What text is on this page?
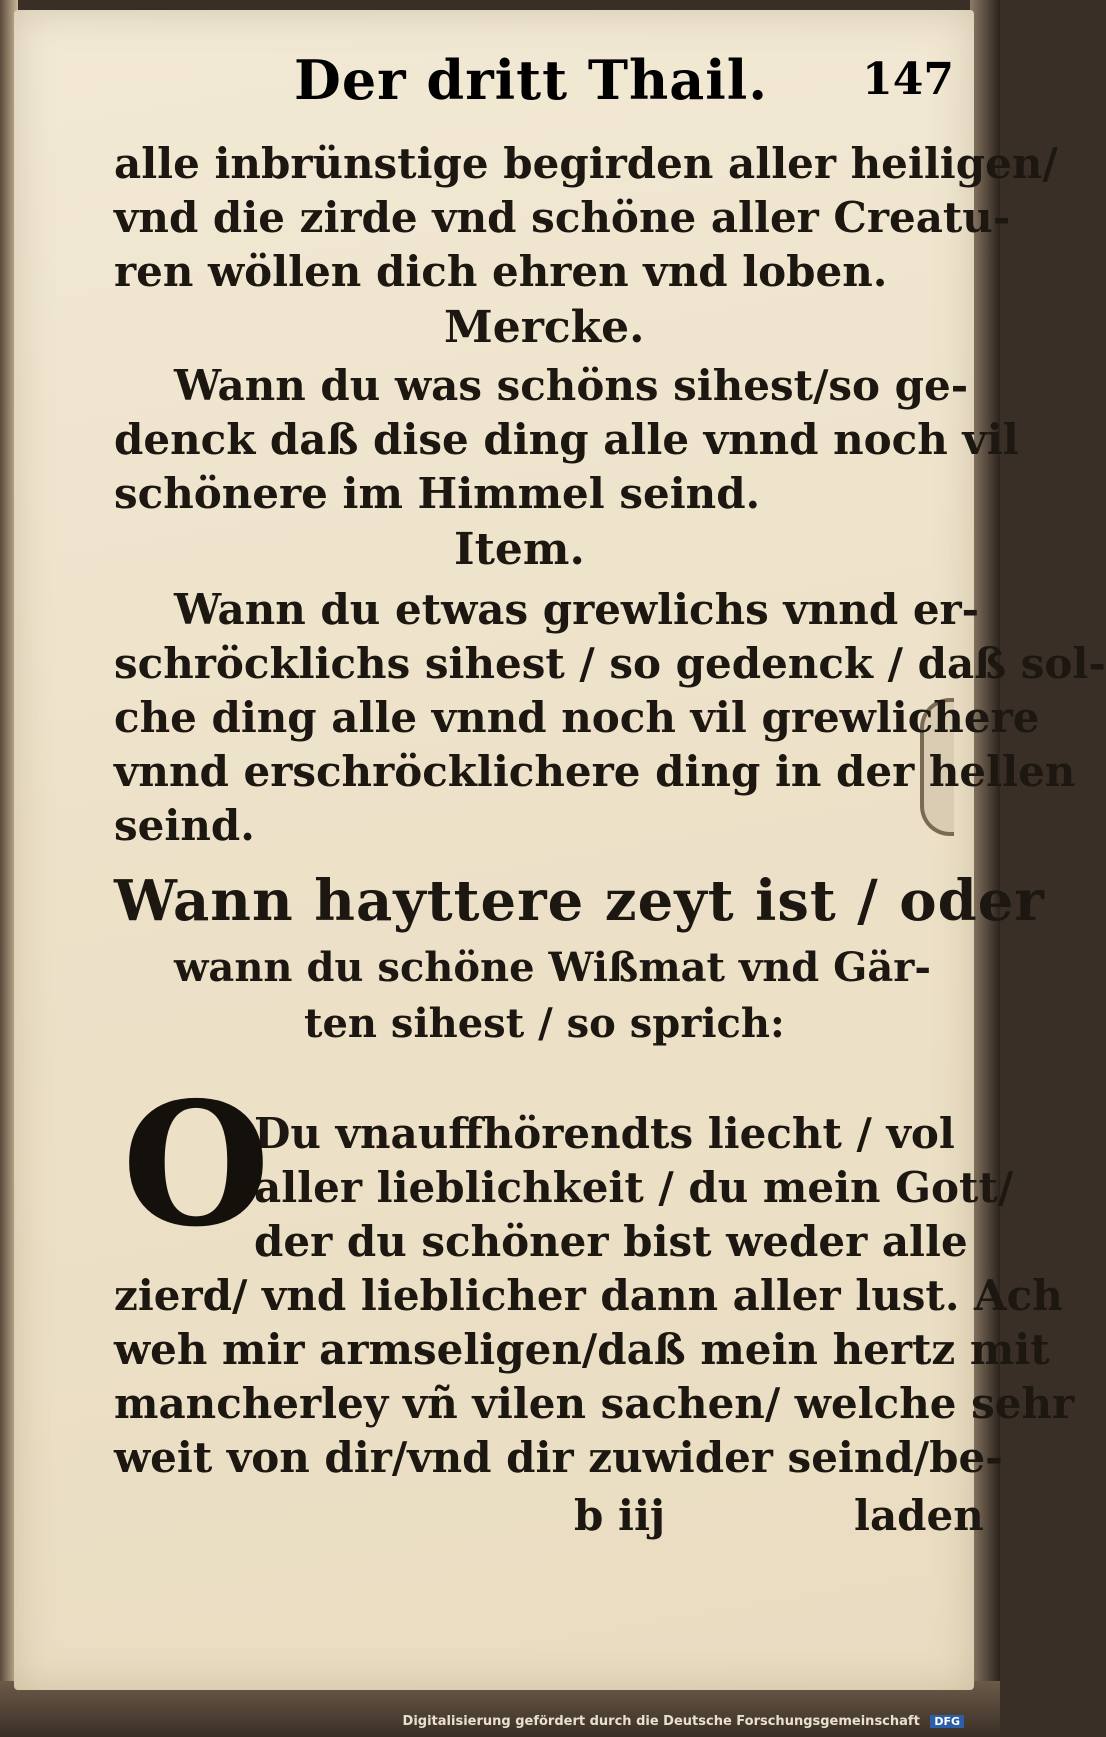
Der dritt Thail. 147
alle inbrünstige begirden aller heiligen/
vnd die zirde vnd schöne aller Creatu‑
ren wöllen dich ehren vnd loben.
Mercke.
Wann du was schöns sihest/so ge‑
denck daß dise ding alle vnnd noch vil
schönere im Himmel seind.
Item.
Wann du etwas grewlichs vnnd er‑
schröcklichs sihest / so gedenck / daß sol‑
che ding alle vnnd noch vil grewlichere
vnnd erschröcklichere ding in der hellen
seind.
Wann hayttere zeyt ist / oder
wann du schöne Wißmat vnd Gär‑
ten sihest / so sprich:
Du vnauffhörendts liecht / vol
aller lieblichkeit / du mein Gott/
der du schöner bist weder alle
zierd/ vnd lieblicher dann aller lust. Ach
weh mir armseligen/daß mein hertz mit
mancherley vñ vilen sachen/ welche sehr
weit von dir/vnd dir zuwider seind/be‑
b iij	laden
O
Digitalisierung gefördert durch die Deutsche Forschungsgemeinschaft DFG
